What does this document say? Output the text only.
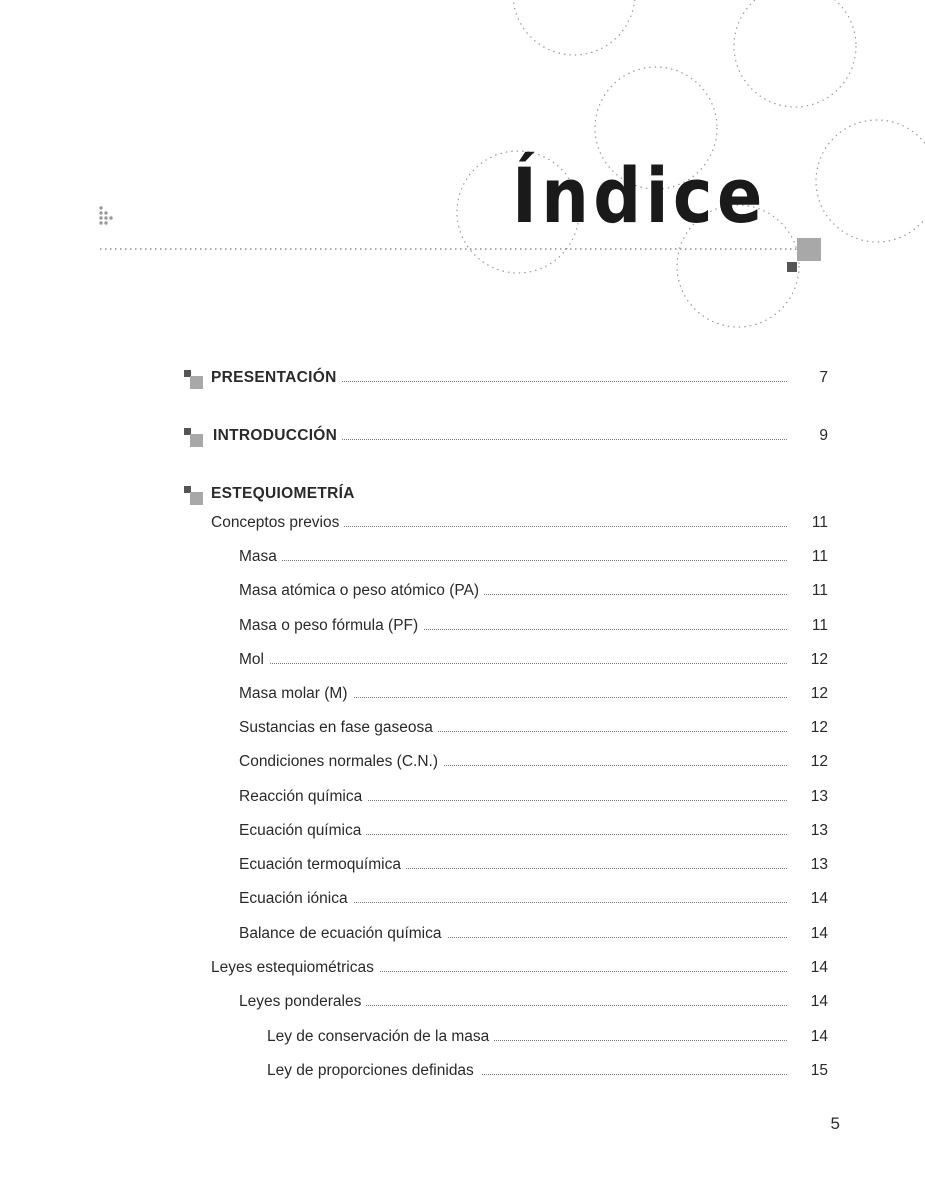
Índice
PRESENTACIÓN	7
INTRODUCCIÓN	9
ESTEQUIOMETRÍA
Conceptos previos	11
Masa	11
Masa atómica o peso atómico (PA)	11
Masa o peso fórmula (PF)	11
Mol	12
Masa molar (M)	12
Sustancias en fase gaseosa	12
Condiciones normales (C.N.)	12
Reacción química	13
Ecuación química	13
Ecuación termoquímica	13
Ecuación iónica	14
Balance de ecuación química	14
Leyes estequiométricas	14
Leyes ponderales	14
Ley de conservación de la masa	14
Ley de proporciones definidas	15
5
